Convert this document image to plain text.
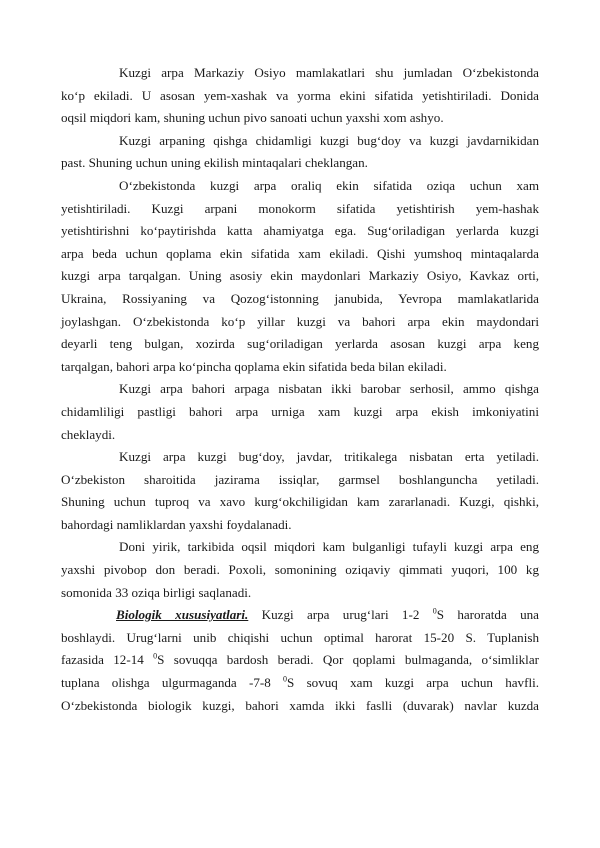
Kuzgi arpa Markaziy Osiyo mamlakatlari shu jumladan O‘zbekistonda
ko‘p ekiladi. U asosan yem-xashak va yorma ekini sifatida yetishtiriladi. Donida
oqsil miqdori kam, shuning uchun pivo sanoati uchun yaxshi xom ashyo.
Kuzgi arpaning qishga chidamligi kuzgi bug‘doy va kuzgi javdarnikidan
past. Shuning uchun uning ekilish mintaqalari cheklangan.
O‘zbekistonda kuzgi arpa oraliq ekin sifatida oziqa uchun xam
yetishtiriladi. Kuzgi arpani monokorm sifatida yetishtirish yem-hashak
yetishtirishni ko‘paytirishda katta ahamiyatga ega. Sug‘oriladigan yerlarda kuzgi
arpa beda uchun qoplama ekin sifatida xam ekiladi. Qishi yumshoq mintaqalarda
kuzgi arpa tarqalgan. Uning asosiy ekin maydonlari Markaziy Osiyo, Kavkaz orti,
Ukraina, Rossiyaning va Qozog‘istonning janubida, Yevropa mamlakatlarida
joylashgan. O‘zbekistonda ko‘p yillar kuzgi va bahori arpa ekin maydondari
deyarli teng bulgan, xozirda sug‘oriladigan yerlarda asosan kuzgi arpa keng
tarqalgan, bahori arpa ko‘pincha qoplama ekin sifatida beda bilan ekiladi.
Kuzgi arpa bahori arpaga nisbatan ikki barobar serhosil, ammo qishga
chidamliligi pastligi bahori arpa urniga xam kuzgi arpa ekish imkoniyatini
cheklaydi.
Kuzgi arpa kuzgi bug‘doy, javdar, tritikalega nisbatan erta yetiladi.
O‘zbekiston sharoitida jazirama issiqlar, garmsel boshlanguncha yetiladi.
Shuning uchun tuproq va xavo kurg‘okchiligidan kam zararlanadi. Kuzgi, qishki,
bahordagi namliklardan yaxshi foydalanadi.
Doni yirik, tarkibida oqsil miqdori kam bulganligi tufayli kuzgi arpa eng
yaxshi pivobop don beradi. Poxoli, somonining oziqaviy qimmati yuqori, 100 kg
somonida 33 oziqa birligi saqlanadi.
Biologik xususiyatlari. Kuzgi arpa urug‘lari 1-2 $^0$S haroratda una
boshlaydi. Urug‘larni unib chiqishi uchun optimal harorat 15-20 S. Tuplanish
fazasida 12-14 $^0$S sovuqqa bardosh beradi. Qor qoplami bulmaganda, o‘simliklar
tuplana olishga ulgurmaganda -7-8 $^0$S sovuq xam kuzgi arpa uchun havfli.
O‘zbekistonda biologik kuzgi, bahori xamda ikki faslli (duvarak) navlar kuzda
